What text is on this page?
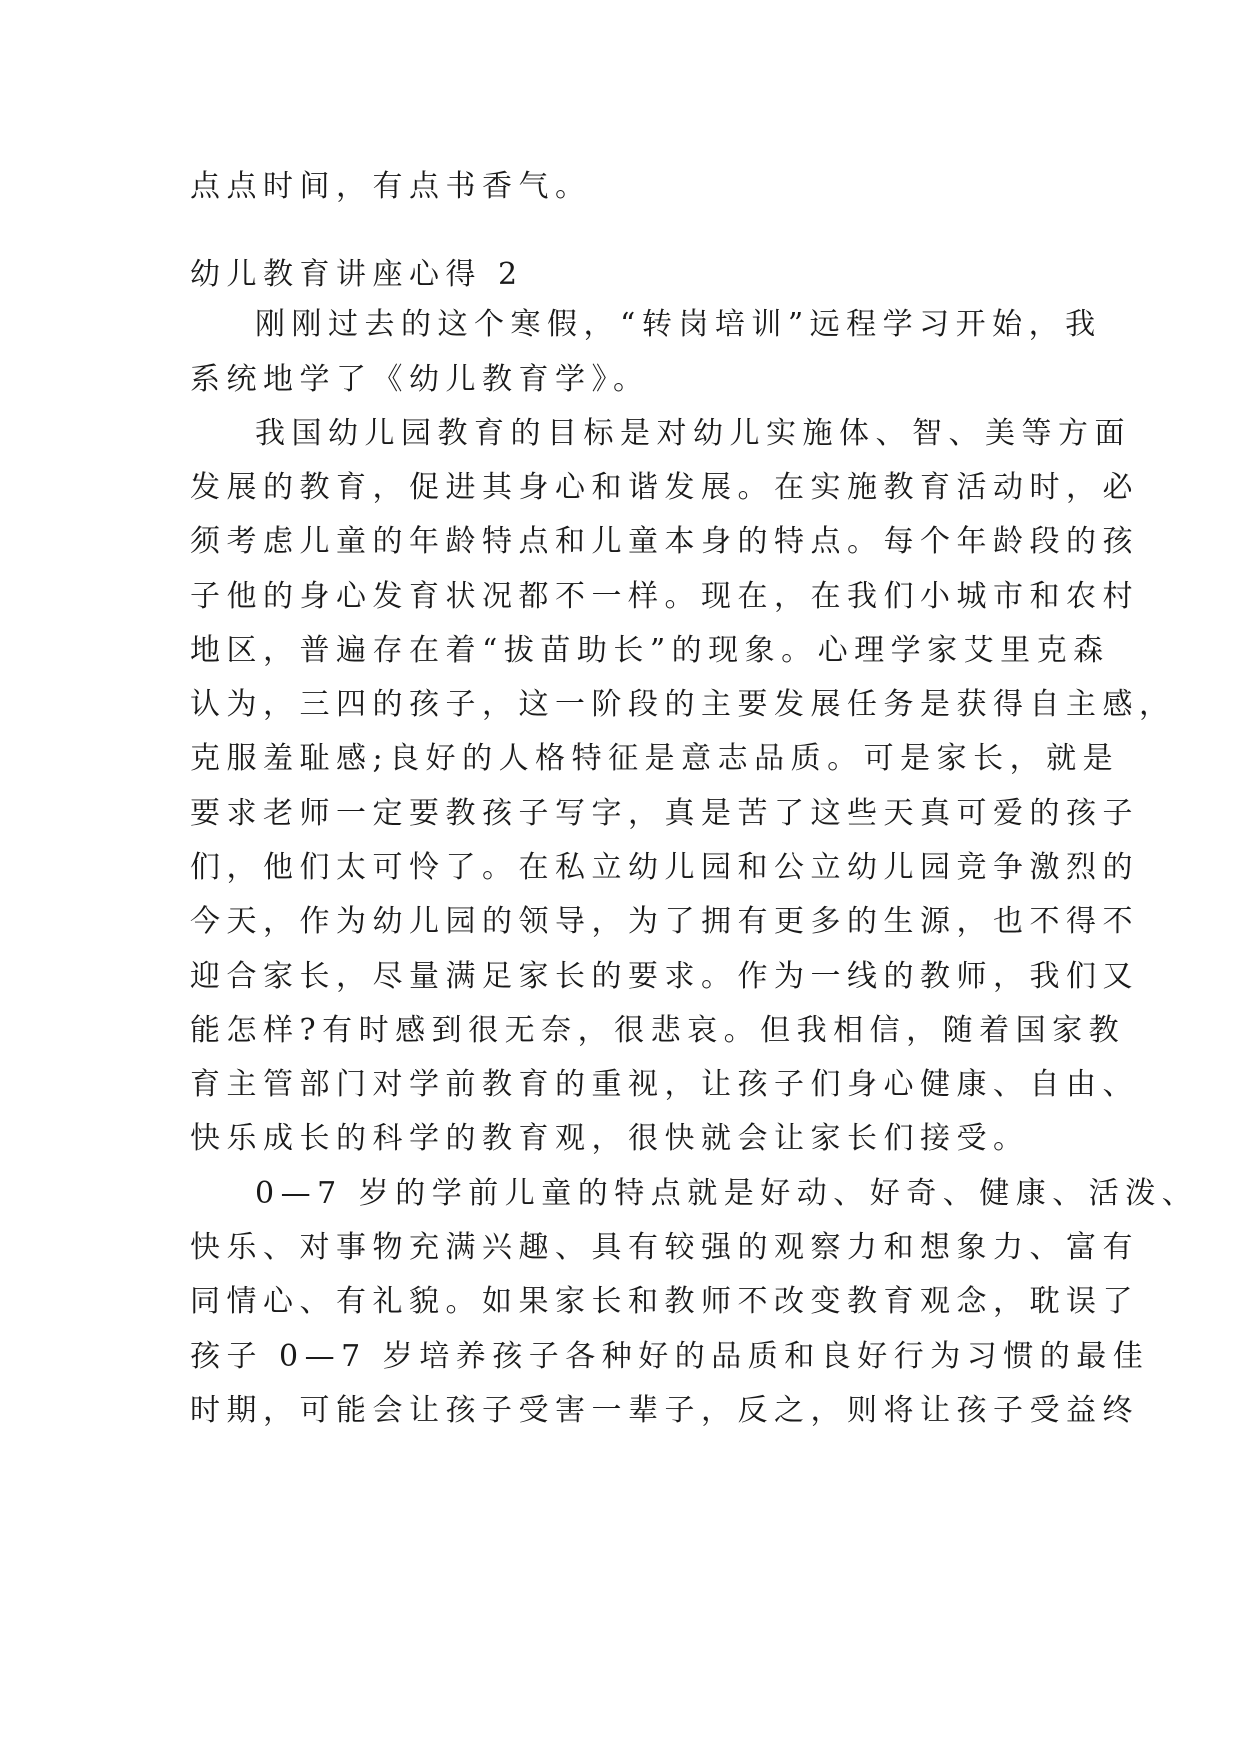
点点时间，有点书香气。
幼儿教育讲座心得 2
刚刚过去的这个寒假，“转岗培训”远程学习开始，我
系统地学了《幼儿教育学》。
我国幼儿园教育的目标是对幼儿实施体、智、美等方面
发展的教育，促进其身心和谐发展。在实施教育活动时，必
须考虑儿童的年龄特点和儿童本身的特点。每个年龄段的孩
子他的身心发育状况都不一样。现在，在我们小城市和农村
地区，普遍存在着“拔苗助长”的现象。心理学家艾里克森
认为，三四的孩子，这一阶段的主要发展任务是获得自主感，
克服羞耻感;良好的人格特征是意志品质。可是家长，就是
要求老师一定要教孩子写字，真是苦了这些天真可爱的孩子
们，他们太可怜了。在私立幼儿园和公立幼儿园竞争激烈的
今天，作为幼儿园的领导，为了拥有更多的生源，也不得不
迎合家长，尽量满足家长的要求。作为一线的教师，我们又
能怎样?有时感到很无奈，很悲哀。但我相信，随着国家教
育主管部门对学前教育的重视，让孩子们身心健康、自由、
快乐成长的科学的教育观，很快就会让家长们接受。
0—7 岁的学前儿童的特点就是好动、好奇、健康、活泼、
快乐、对事物充满兴趣、具有较强的观察力和想象力、富有
同情心、有礼貌。如果家长和教师不改变教育观念，耽误了
孩子 0—7 岁培养孩子各种好的品质和良好行为习惯的最佳
时期，可能会让孩子受害一辈子，反之，则将让孩子受益终
